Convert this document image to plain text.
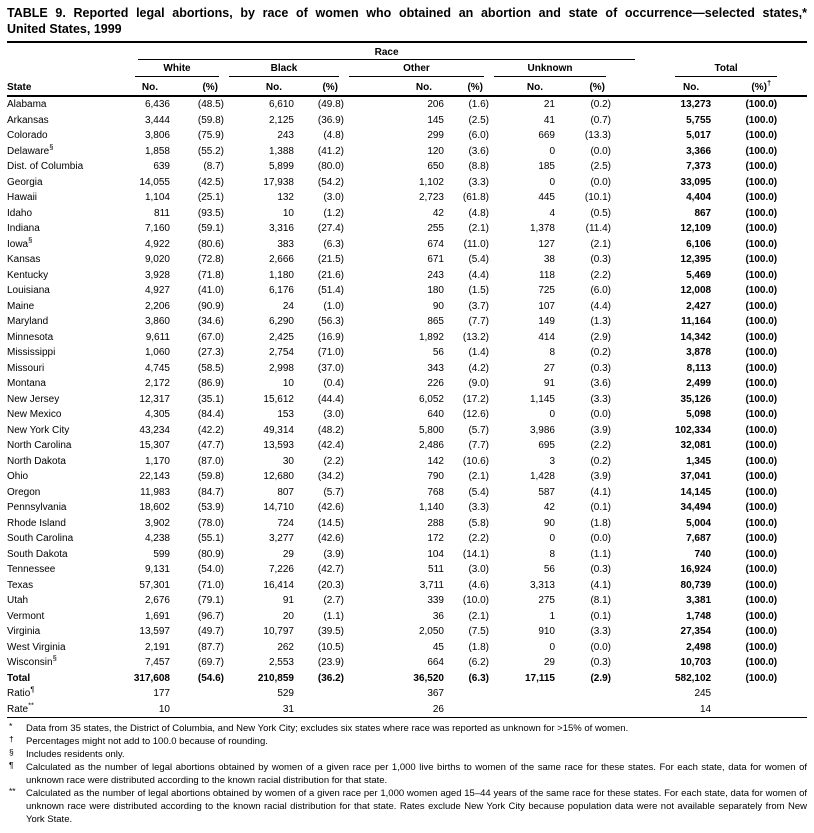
TABLE 9. Reported legal abortions, by race of women who obtained an abortion and state of occurrence—selected states,*
United States, 1999

	Race											

	White		Black		Other		Unknown			Total		

State	No.	(%)	No.	(%)	No.	(%)	No.	(%)		No.	(%)†	
Alabama	6,436	(48.5)	6,610	(49.8)	206	(1.6)	21	(0.2)		13,273	(100.0)	
Arkansas	3,444	(59.8)	2,125	(36.9)	145	(2.5)	41	(0.7)		5,755	(100.0)	
Colorado	3,806	(75.9)	243	(4.8)	299	(6.0)	669	(13.3)		5,017	(100.0)	
Delaware§	1,858	(55.2)	1,388	(41.2)	120	(3.6)	0	(0.0)		3,366	(100.0)	
Dist. of Columbia	639	(8.7)	5,899	(80.0)	650	(8.8)	185	(2.5)		7,373	(100.0)	
Georgia	14,055	(42.5)	17,938	(54.2)	1,102	(3.3)	0	(0.0)		33,095	(100.0)	
Hawaii	1,104	(25.1)	132	(3.0)	2,723	(61.8)	445	(10.1)		4,404	(100.0)	
Idaho	811	(93.5)	10	(1.2)	42	(4.8)	4	(0.5)		867	(100.0)	
Indiana	7,160	(59.1)	3,316	(27.4)	255	(2.1)	1,378	(11.4)		12,109	(100.0)	
Iowa§	4,922	(80.6)	383	(6.3)	674	(11.0)	127	(2.1)		6,106	(100.0)	
Kansas	9,020	(72.8)	2,666	(21.5)	671	(5.4)	38	(0.3)		12,395	(100.0)	
Kentucky	3,928	(71.8)	1,180	(21.6)	243	(4.4)	118	(2.2)		5,469	(100.0)	
Louisiana	4,927	(41.0)	6,176	(51.4)	180	(1.5)	725	(6.0)		12,008	(100.0)	
Maine	2,206	(90.9)	24	(1.0)	90	(3.7)	107	(4.4)		2,427	(100.0)	
Maryland	3,860	(34.6)	6,290	(56.3)	865	(7.7)	149	(1.3)		11,164	(100.0)	
Minnesota	9,611	(67.0)	2,425	(16.9)	1,892	(13.2)	414	(2.9)		14,342	(100.0)	
Mississippi	1,060	(27.3)	2,754	(71.0)	56	(1.4)	8	(0.2)		3,878	(100.0)	
Missouri	4,745	(58.5)	2,998	(37.0)	343	(4.2)	27	(0.3)		8,113	(100.0)	
Montana	2,172	(86.9)	10	(0.4)	226	(9.0)	91	(3.6)		2,499	(100.0)	
New Jersey	12,317	(35.1)	15,612	(44.4)	6,052	(17.2)	1,145	(3.3)		35,126	(100.0)	
New Mexico	4,305	(84.4)	153	(3.0)	640	(12.6)	0	(0.0)		5,098	(100.0)	
New York City	43,234	(42.2)	49,314	(48.2)	5,800	(5.7)	3,986	(3.9)		102,334	(100.0)	
North Carolina	15,307	(47.7)	13,593	(42.4)	2,486	(7.7)	695	(2.2)		32,081	(100.0)	
North Dakota	1,170	(87.0)	30	(2.2)	142	(10.6)	3	(0.2)		1,345	(100.0)	
Ohio	22,143	(59.8)	12,680	(34.2)	790	(2.1)	1,428	(3.9)		37,041	(100.0)	
Oregon	11,983	(84.7)	807	(5.7)	768	(5.4)	587	(4.1)		14,145	(100.0)	
Pennsylvania	18,602	(53.9)	14,710	(42.6)	1,140	(3.3)	42	(0.1)		34,494	(100.0)	
Rhode Island	3,902	(78.0)	724	(14.5)	288	(5.8)	90	(1.8)		5,004	(100.0)	
South Carolina	4,238	(55.1)	3,277	(42.6)	172	(2.2)	0	(0.0)		7,687	(100.0)	
South Dakota	599	(80.9)	29	(3.9)	104	(14.1)	8	(1.1)		740	(100.0)	
Tennessee	9,131	(54.0)	7,226	(42.7)	511	(3.0)	56	(0.3)		16,924	(100.0)	
Texas	57,301	(71.0)	16,414	(20.3)	3,711	(4.6)	3,313	(4.1)		80,739	(100.0)	
Utah	2,676	(79.1)	91	(2.7)	339	(10.0)	275	(8.1)		3,381	(100.0)	
Vermont	1,691	(96.7)	20	(1.1)	36	(2.1)	1	(0.1)		1,748	(100.0)	
Virginia	13,597	(49.7)	10,797	(39.5)	2,050	(7.5)	910	(3.3)		27,354	(100.0)	
West Virginia	2,191	(87.7)	262	(10.5)	45	(1.8)	0	(0.0)		2,498	(100.0)	
Wisconsin§	7,457	(69.7)	2,553	(23.9)	664	(6.2)	29	(0.3)		10,703	(100.0)	
Total	317,608	(54.6)	210,859	(36.2)	36,520	(6.3)	17,115	(2.9)		582,102	(100.0)	
Ratio¶	177		529		367					245		
Rate**	10		31		26					14		
*	Data from 35 states, the District of Columbia, and New York City; excludes six states where race was reported as unknown for >15% of women.
†	Percentages might not add to 100.0 because of rounding.
§	Includes residents only.
¶	Calculated as the number of legal abortions obtained by women of a given race per 1,000 live births to women of the same race for these states. For each state, data for women of unknown race were distributed according to the known racial distribution for that state.
**	Calculated as the number of legal abortions obtained by women of a given race per 1,000 women aged 15–44 years of the same race for these states. For each state, data for women of unknown race were distributed according to the known racial distribution for that state. Rates exclude New York City because population data were not available separately from New York State.
